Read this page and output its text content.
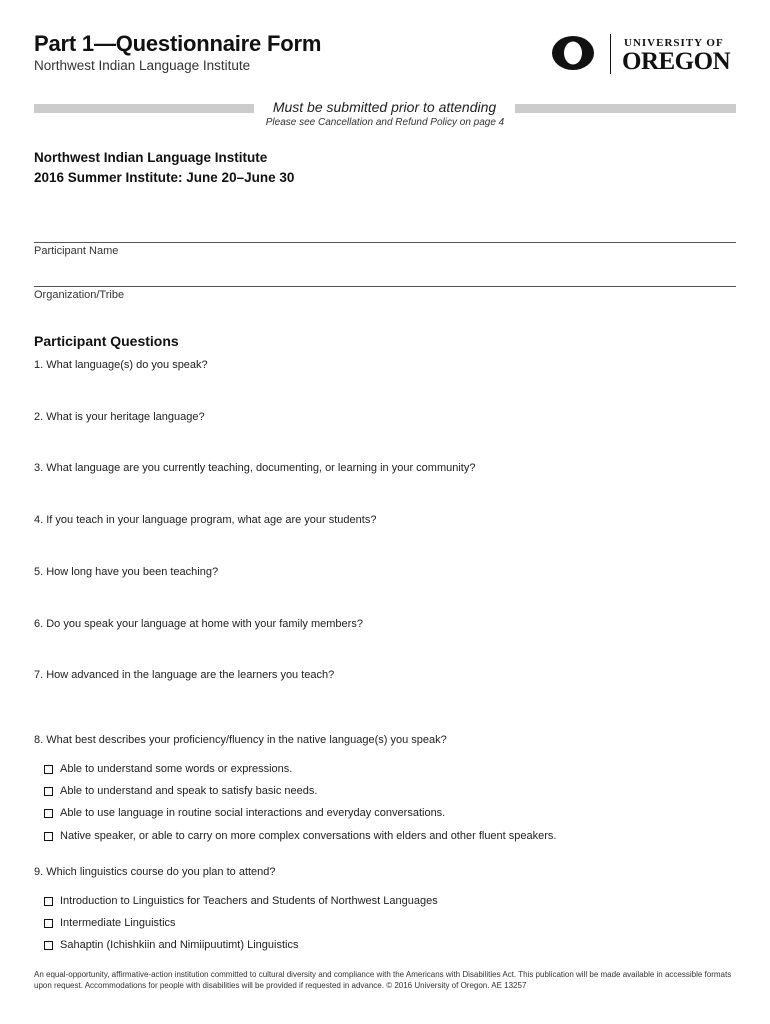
Part 1—Questionnaire Form
Northwest Indian Language Institute
UNIVERSITY OF
OREGON
Must be submitted prior to attending
Please see Cancellation and Refund Policy on page 4
Northwest Indian Language Institute
2016 Summer Institute: June 20–June 30
Participant Name
Organization/Tribe
Participant Questions
1. What language(s) do you speak?
2. What is your heritage language?
3. What language are you currently teaching, documenting, or learning in your community?
4. If you teach in your language program, what age are your students?
5. How long have you been teaching?
6. Do you speak your language at home with your family members?
7. How advanced in the language are the learners you teach?
8. What best describes your proficiency/fluency in the native language(s) you speak?
Able to understand some words or expressions.
Able to understand and speak to satisfy basic needs.
Able to use language in routine social interactions and everyday conversations.
Native speaker, or able to carry on more complex conversations with elders and other fluent speakers.
9. Which linguistics course do you plan to attend?
Introduction to Linguistics for Teachers and Students of Northwest Languages
Intermediate Linguistics
Sahaptin (Ichishkiin and Nimiipuutimt) Linguistics
An equal-opportunity, affirmative-action institution committed to cultural diversity and compliance with the Americans with Disabilities Act. This publication will be made available in accessible formats upon request. Accommodations for people with disabilities will be provided if requested in advance. © 2016 University of Oregon. AE 13257
